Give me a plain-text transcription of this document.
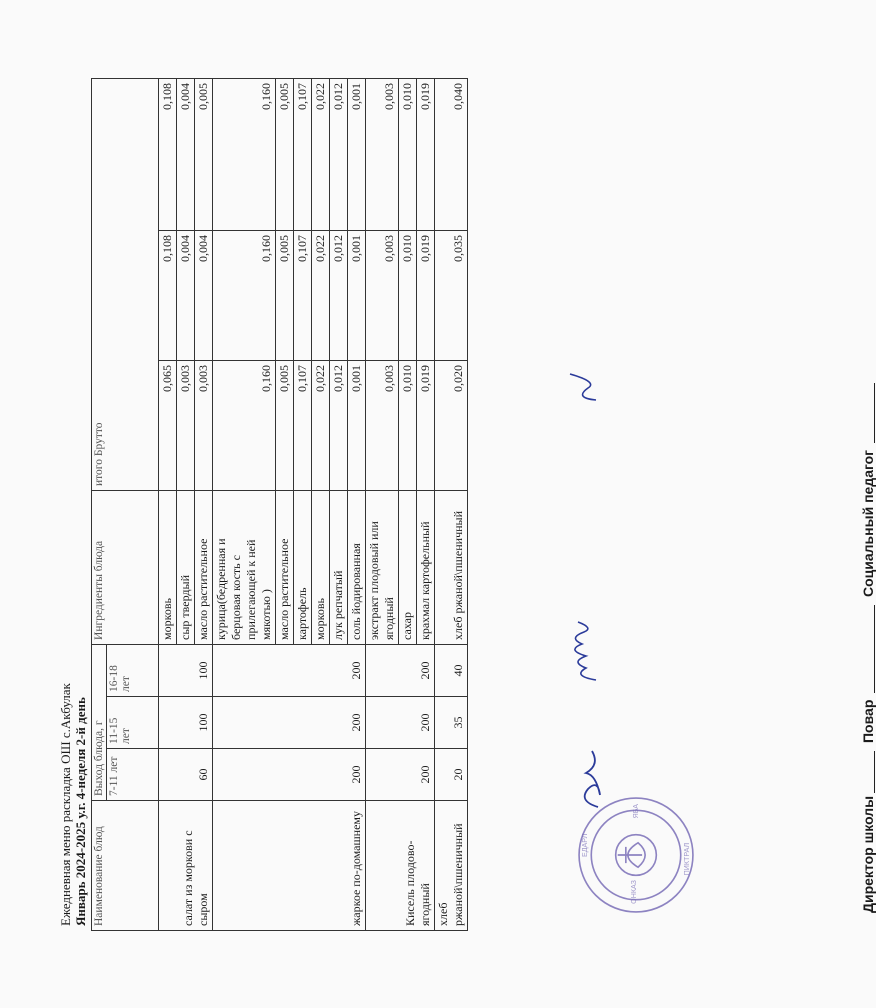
Ежедневная меню раскладка ОШ с.Акбулак Январь 2024-2025 у.г. 4-неделя 2-й день Наименование блюд	Выход блюда, г			Ингредиенты блюда	итого Брутто		
	7-11 лет	11-15 лет	16-18 лет				
салат из моркови с сыром	60	100	100	морковь	0,065	0,108	0,108
				сыр твердый	0,003	0,004	0,004
				масло растительное	0,003	0,004	0,005
жаркое по-домашнему	200	200	200	курица(бедренная и берцовая кость с прилегающей к ней мякотью )	0,160	0,160	0,160
				масло растительное	0,005	0,005	0,005
				картофель	0,107	0,107	0,107
				морковь	0,022	0,022	0,022
				лук репчатый	0,012	0,012	0,012
				соль йодированная	0,001	0,001	0,001
Кисель плодово-ягодный	200	200	200	экстракт плодовый или ягодный	0,003	0,003	0,003
				сахар	0,010	0,010	0,010
				крахмал картофельный	0,019	0,019	0,019
хлеб ржаной\пшеничный	20	35	40	хлеб ржаной\пшеничный	0,020	0,035	0,040
ЕДАРЛ
ОНКАЗ
ЯБА
ПИКТРАЛ	Директор школы
Повар
Социальный педагог
